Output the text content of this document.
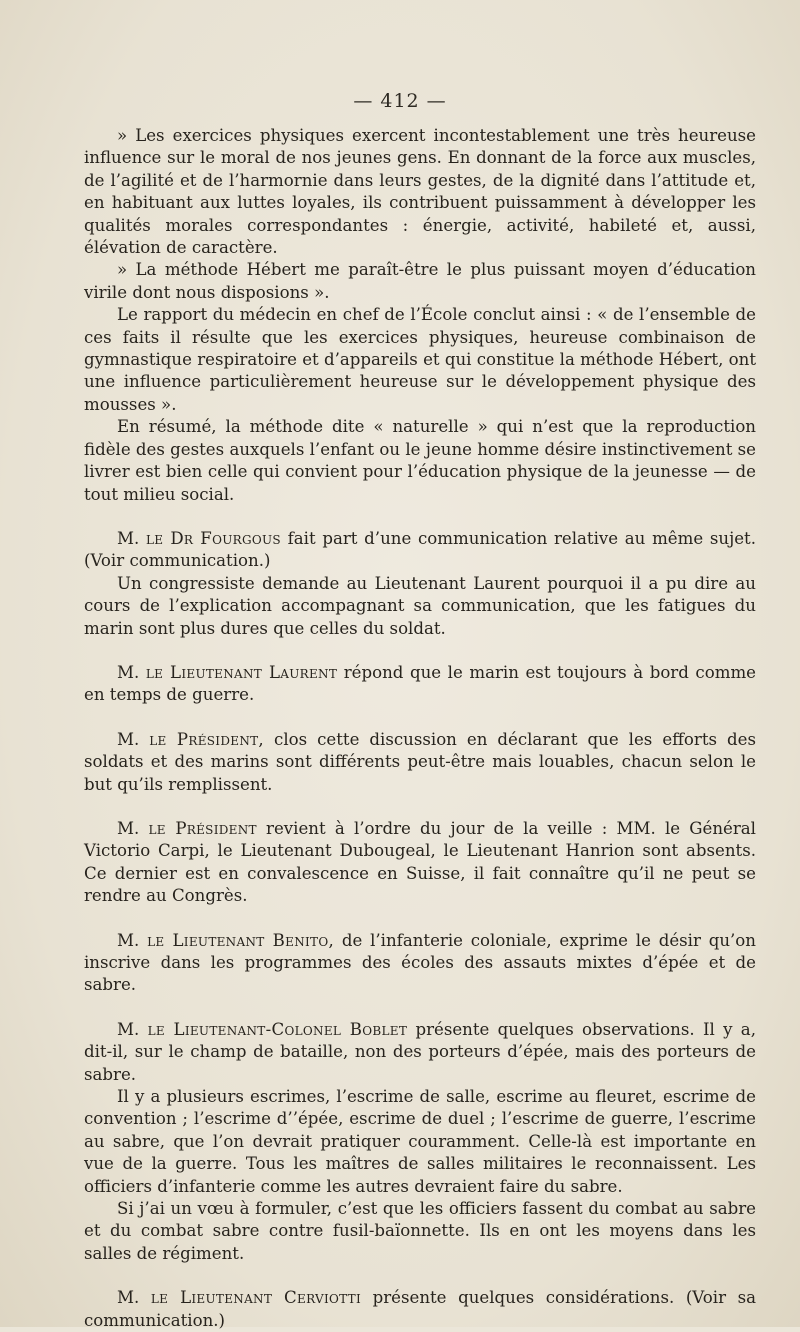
— 412 —

» Les exercices physiques exercent incontestablement une très heureuse influence sur le moral de nos jeunes gens. En donnant de la force aux muscles, de l’agilité et de l’harmornie dans leurs gestes, de la dignité dans l’attitude et, en habituant aux luttes loyales, ils contribuent puissamment à développer les qualités morales correspondantes : énergie, activité, habileté et, aussi, élévation de caractère.

» La méthode Hébert me paraît-être le plus puissant moyen d’éducation virile dont nous disposions ».

Le rapport du médecin en chef de l’École conclut ainsi : « de l’ensemble de ces faits il résulte que les exercices physiques, heureuse combinaison de gymnastique respiratoire et d’appareils et qui constitue la méthode Hébert, ont une influence particulièrement heureuse sur le développement physique des mousses ».

En résumé, la méthode dite « naturelle » qui n’est que la reproduction fidèle des gestes auxquels l’enfant ou le jeune homme désire instinctivement se livrer est bien celle qui convient pour l’éducation physique de la jeunesse — de tout milieu social.

M. le Dr Fourgous fait part d’une communication relative au même sujet. (Voir communication.)

Un congressiste demande au Lieutenant Laurent pourquoi il a pu dire au cours de l’explication accompagnant sa communication, que les fatigues du marin sont plus dures que celles du soldat.

M. le Lieutenant Laurent répond que le marin est toujours à bord comme en temps de guerre.

M. le Président, clos cette discussion en déclarant que les efforts des soldats et des marins sont différents peut-être mais louables, chacun selon le but qu’ils remplissent.

M. le Président revient à l’ordre du jour de la veille : MM. le Général Victorio Carpi, le Lieutenant Dubougeal, le Lieutenant Hanrion sont absents. Ce dernier est en convalescence en Suisse, il fait connaître qu’il ne peut se rendre au Congrès.

M. le Lieutenant Benito, de l’infanterie coloniale, exprime le désir qu’on inscrive dans les programmes des écoles des assauts mixtes d’épée et de sabre.

M. le Lieutenant-Colonel Boblet présente quelques observations. Il y a, dit-il, sur le champ de bataille, non des porteurs d’épée, mais des porteurs de sabre.

Il y a plusieurs escrimes, l’escrime de salle, escrime au fleuret, escrime de convention ; l’escrime d’’épée, escrime de duel ; l’escrime de guerre, l’escrime au sabre, que l’on devrait pratiquer couramment. Celle-là est importante en vue de la guerre. Tous les maîtres de salles militaires le reconnaissent. Les officiers d’infanterie comme les autres devraient faire du sabre.

Si j’ai un vœu à formuler, c’est que les officiers fassent du combat au sabre et du combat sabre contre fusil-baïonnette. Ils en ont les moyens dans les salles de régiment.

M. le Lieutenant Cerviotti présente quelques considérations. (Voir sa communication.)
